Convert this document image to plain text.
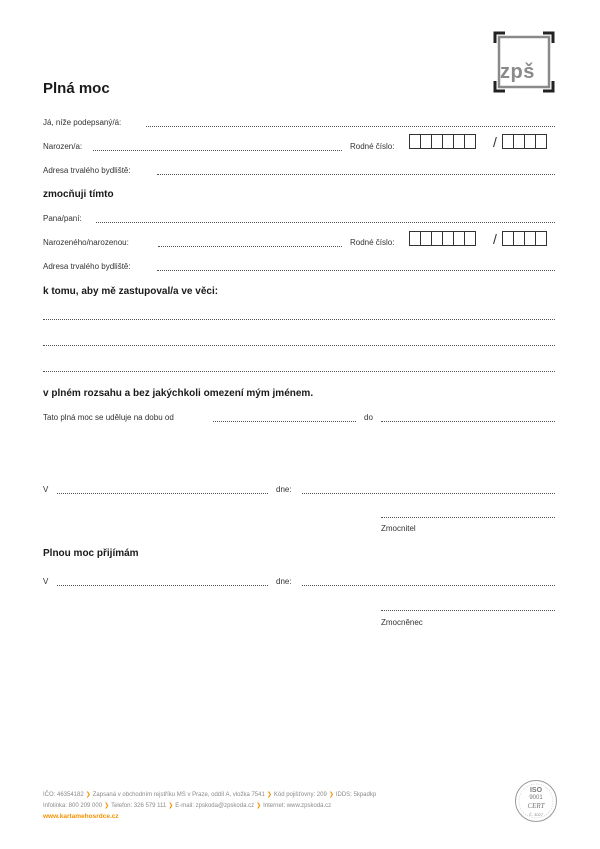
zpš
Plná moc
Já, níže podepsaný/á:
Narozen/a:	Rodné číslo:	/
Adresa trvalého bydliště:
zmocňuji tímto
Pana/paní:
Narozeného/narozenou:	Rodné číslo:	/
Adresa trvalého bydliště:
k tomu, aby mě zastupoval/a ve věci:
v plném rozsahu a bez jakýchkoli omezení mým jménem.
Tato plná moc se uděluje na dobu od	do
V	dne:
Zmocnitel
Plnou moc přijímám
V	dne:
Zmocněnec
IČO: 46354182 ❯ Zapsaná v obchodním rejstříku MS v Praze, oddíl A, vložka 7541 ❯ Kód pojišťovny: 209 ❯ IDDS: 5kpadkp
Infolinka: 800 209 000 ❯ Telefon: 326 579 111 ❯ E-mail: zpskoda@zpskoda.cz ❯ Internet: www.zpskoda.cz
www.kartamehosrdce.cz
ISO
9001
CERT
Č. 3027
